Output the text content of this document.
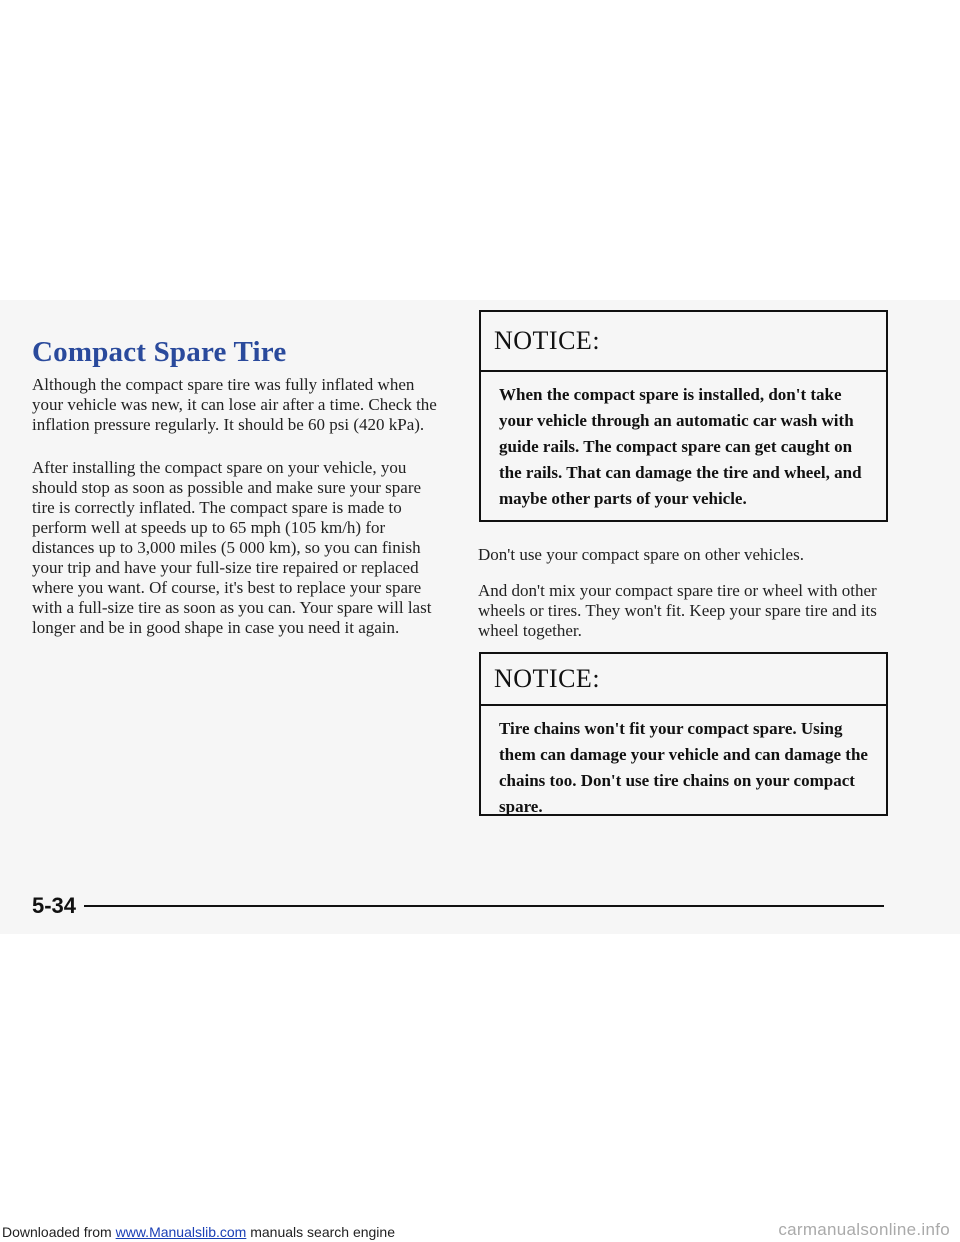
Compact Spare Tire

Although the compact spare tire was fully inflated when your vehicle was new, it can lose air after a time. Check the inflation pressure regularly. It should be 60 psi (420 kPa).

After installing the compact spare on your vehicle, you should stop as soon as possible and make sure your spare tire is correctly inflated. The compact spare is made to perform well at speeds up to 65 mph (105 km/h) for distances up to 3,000 miles (5 000 km), so you can finish your trip and have your full-size tire repaired or replaced where you want. Of course, it's best to replace your spare with a full-size tire as soon as you can. Your spare will last longer and be in good shape in case you need it again.

NOTICE:
When the compact spare is installed, don't take your vehicle through an automatic car wash with guide rails. The compact spare can get caught on the rails. That can damage the tire and wheel, and maybe other parts of your vehicle.

Don't use your compact spare on other vehicles.

And don't mix your compact spare tire or wheel with other wheels or tires. They won't fit. Keep your spare tire and its wheel together.

NOTICE:
Tire chains won't fit your compact spare. Using them can damage your vehicle and can damage the chains too. Don't use tire chains on your compact spare.

5-34

Downloaded from www.Manualslib.com manuals search engine	carmanualsonline.info
